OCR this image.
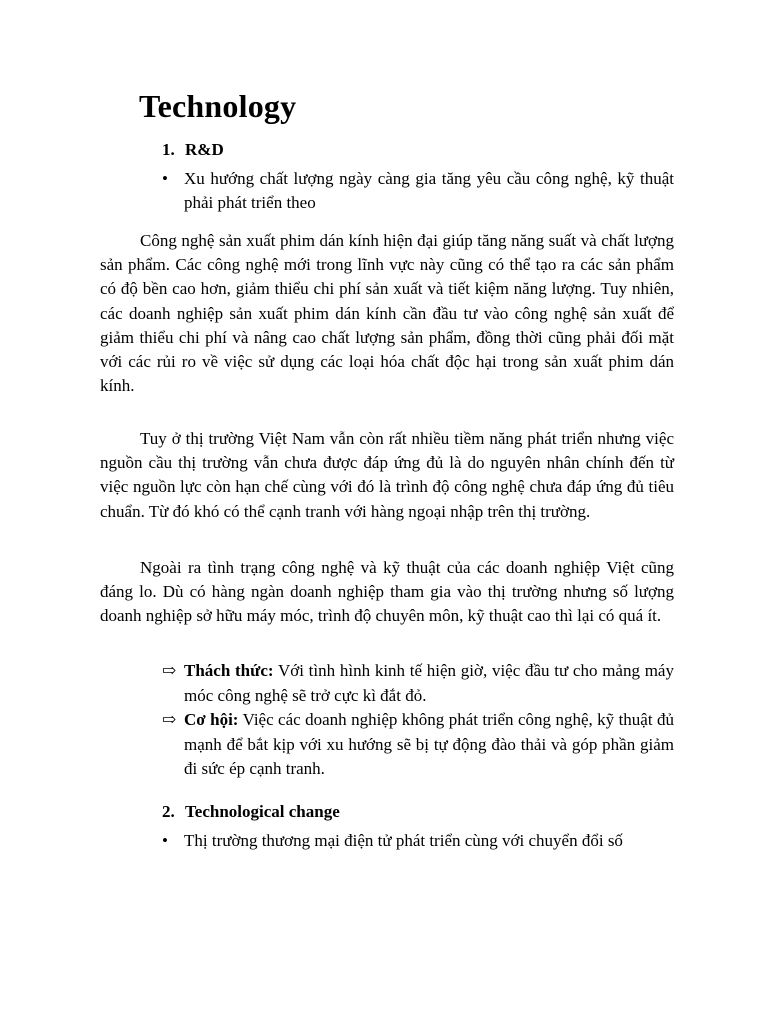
Technology
1. R&D
• Xu hướng chất lượng ngày càng gia tăng yêu cầu công nghệ, kỹ thuật phải phát triển theo

Công nghệ sản xuất phim dán kính hiện đại giúp tăng năng suất và chất lượng sản phẩm. Các công nghệ mới trong lĩnh vực này cũng có thể tạo ra các sản phẩm có độ bền cao hơn, giảm thiểu chi phí sản xuất và tiết kiệm năng lượng. Tuy nhiên, các doanh nghiệp sản xuất phim dán kính cần đầu tư vào công nghệ sản xuất để giảm thiểu chi phí và nâng cao chất lượng sản phẩm, đồng thời cũng phải đối mặt với các rủi ro về việc sử dụng các loại hóa chất độc hại trong sản xuất phim dán kính.

Tuy ở thị trường Việt Nam vẫn còn rất nhiều tiềm năng phát triển nhưng việc nguồn cầu thị trường vẫn chưa được đáp ứng đủ là do nguyên nhân chính đến từ việc nguồn lực còn hạn chế cùng với đó là trình độ công nghệ chưa đáp ứng đủ tiêu chuẩn. Từ đó khó có thể cạnh tranh với hàng ngoại nhập trên thị trường.

Ngoài ra tình trạng công nghệ và kỹ thuật của các doanh nghiệp Việt cũng đáng lo. Dù có hàng ngàn doanh nghiệp tham gia vào thị trường nhưng số lượng doanh nghiệp sở hữu máy móc, trình độ chuyên môn, kỹ thuật cao thì lại có quá ít.

⇨ Thách thức: Với tình hình kinh tế hiện giờ, việc đầu tư cho mảng máy móc công nghệ sẽ trở cực kì đắt đỏ.
⇨ Cơ hội: Việc các doanh nghiệp không phát triển công nghệ, kỹ thuật đủ mạnh để bắt kịp với xu hướng sẽ bị tự động đào thải và góp phần giảm đi sức ép cạnh tranh.
2. Technological change
• Thị trường thương mại điện tử phát triển cùng với chuyển đổi số
